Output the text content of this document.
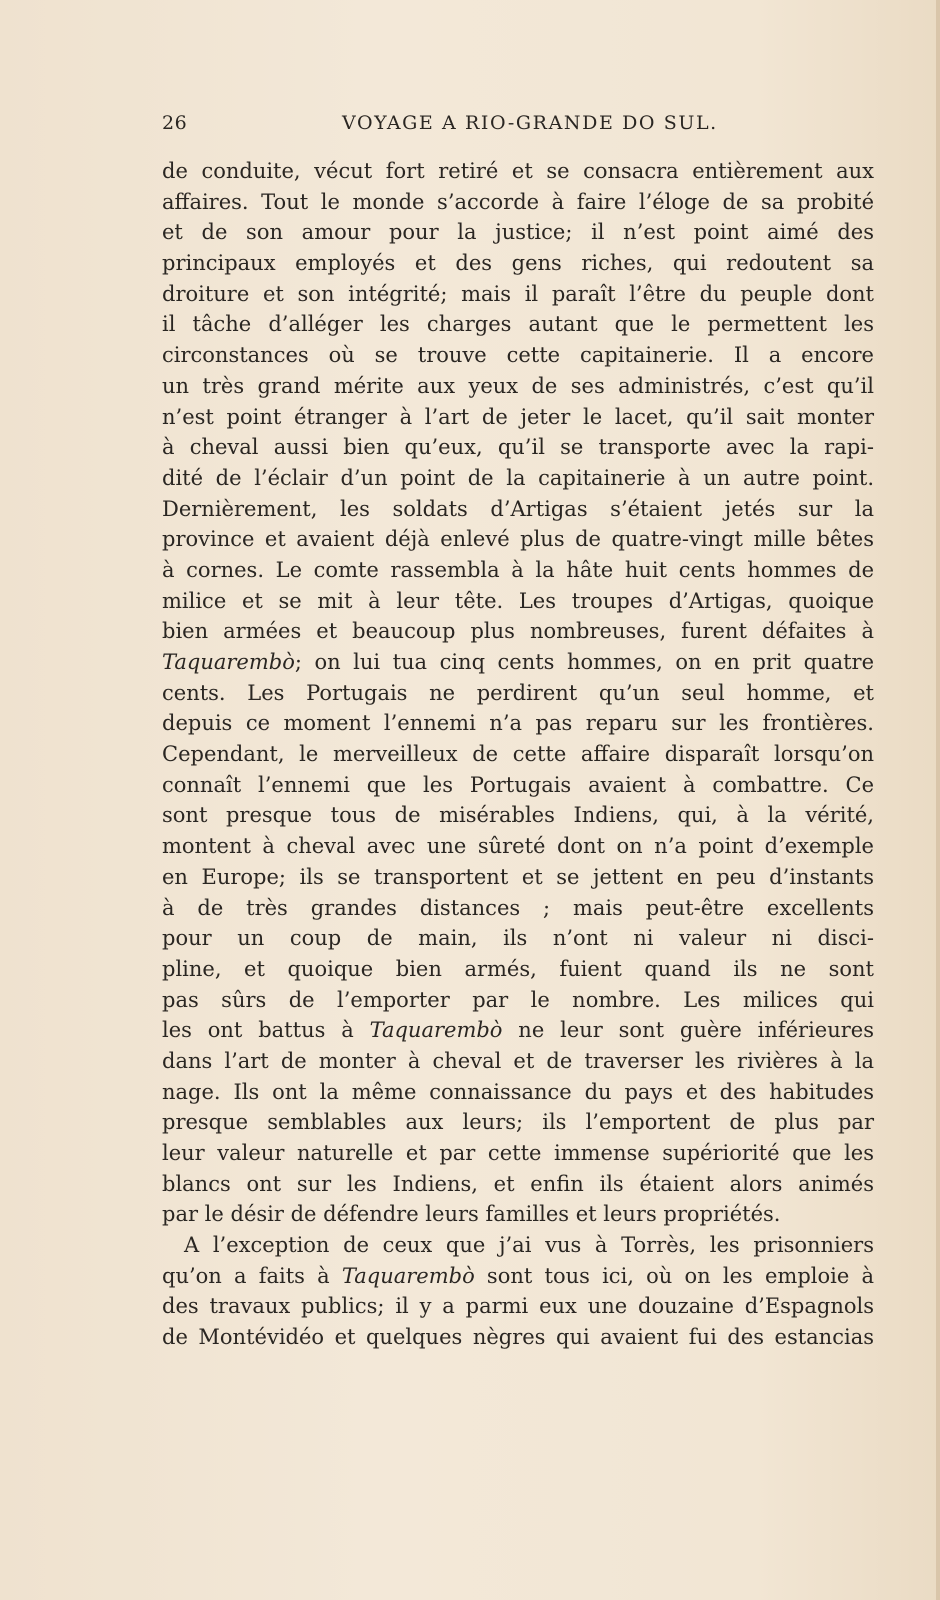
26	VOYAGE A RIO-GRANDE DO SUL.
de conduite, vécut fort retiré et se consacra entièrement aux
affaires. Tout le monde s’accorde à faire l’éloge de sa probité
et de son amour pour la justice; il n’est point aimé des
principaux employés et des gens riches, qui redoutent sa
droiture et son intégrité; mais il paraît l’être du peuple dont
il tâche d’alléger les charges autant que le permettent les
circonstances où se trouve cette capitainerie. Il a encore
un très grand mérite aux yeux de ses administrés, c’est qu’il
n’est point étranger à l’art de jeter le lacet, qu’il sait monter
à cheval aussi bien qu’eux, qu’il se transporte avec la rapi-
dité de l’éclair d’un point de la capitainerie à un autre point.
Dernièrement, les soldats d’Artigas s’étaient jetés sur la
province et avaient déjà enlevé plus de quatre-vingt mille bêtes
à cornes. Le comte rassembla à la hâte huit cents hommes de
milice et se mit à leur tête. Les troupes d’Artigas, quoique
bien armées et beaucoup plus nombreuses, furent défaites à
Taquarembò; on lui tua cinq cents hommes, on en prit quatre
cents. Les Portugais ne perdirent qu’un seul homme, et
depuis ce moment l’ennemi n’a pas reparu sur les frontières.
Cependant, le merveilleux de cette affaire disparaît lorsqu’on
connaît l’ennemi que les Portugais avaient à combattre. Ce
sont presque tous de misérables Indiens, qui, à la vérité,
montent à cheval avec une sûreté dont on n’a point d’exemple
en Europe; ils se transportent et se jettent en peu d’instants
à de très grandes distances ; mais peut-être excellents
pour un coup de main, ils n’ont ni valeur ni disci-
pline, et quoique bien armés, fuient quand ils ne sont
pas sûrs de l’emporter par le nombre. Les milices qui
les ont battus à Taquarembò ne leur sont guère inférieures
dans l’art de monter à cheval et de traverser les rivières à la
nage. Ils ont la même connaissance du pays et des habitudes
presque semblables aux leurs; ils l’emportent de plus par
leur valeur naturelle et par cette immense supériorité que les
blancs ont sur les Indiens, et enfin ils étaient alors animés
par le désir de défendre leurs familles et leurs propriétés.
A l’exception de ceux que j’ai vus à Torrès, les prisonniers
qu’on a faits à Taquarembò sont tous ici, où on les emploie à
des travaux publics; il y a parmi eux une douzaine d’Espagnols
de Montévidéo et quelques nègres qui avaient fui des estancias
